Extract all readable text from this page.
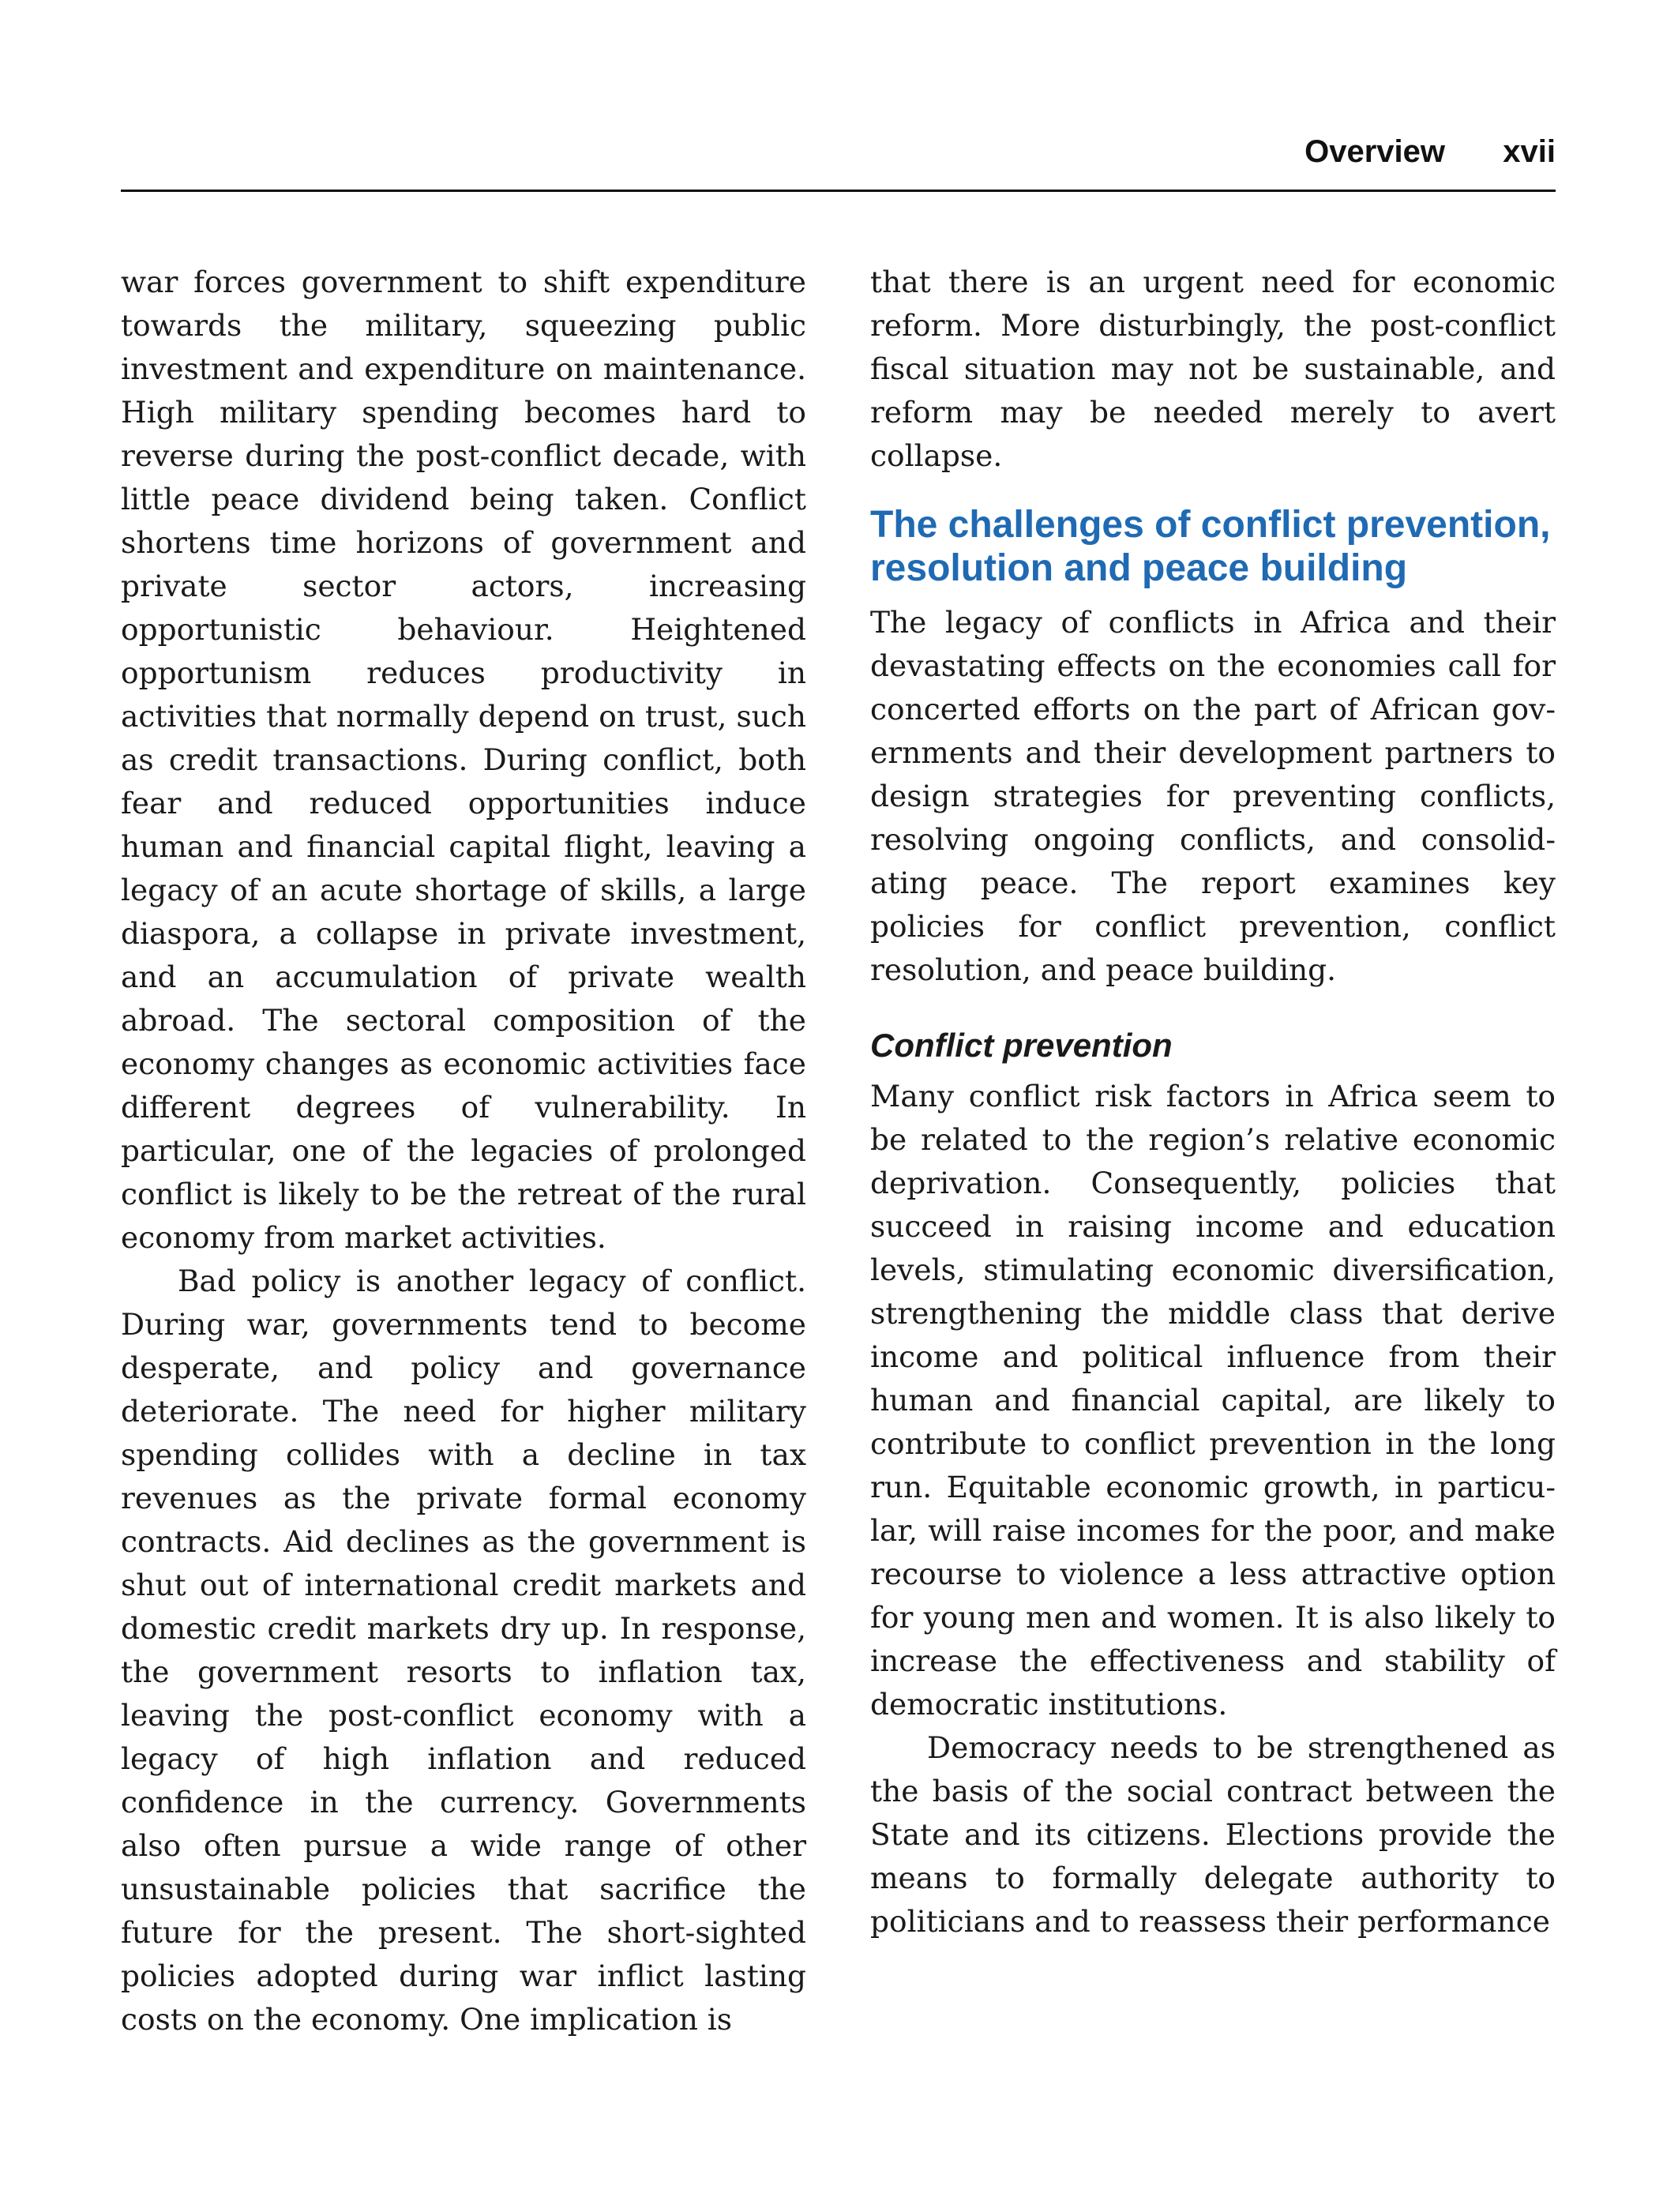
Overview xvii

war forces government to shift expenditure towards the military, squeezing public investment and expenditure on maintenance. High military spending becomes hard to reverse during the post-conflict decade, with little peace dividend being taken. Conflict shortens time horizons of government and private sector actors, increasing opportunistic behaviour. Heightened opportunism reduces productivity in activities that normally depend on trust, such as credit transactions. During conflict, both fear and reduced opportunities induce human and financial capital flight, leaving a legacy of an acute shortage of skills, a large diaspora, a collapse in private investment, and an accumulation of private wealth abroad. The sectoral composition of the economy changes as economic activities face different degrees of vulnerability. In particular, one of the legacies of prolonged conflict is likely to be the retreat of the rural economy from market activities.

Bad policy is another legacy of conflict. During war, governments tend to become desperate, and policy and governance deteriorate. The need for higher military spending collides with a decline in tax revenues as the private formal economy contracts. Aid declines as the government is shut out of international credit markets and domestic credit markets dry up. In response, the government resorts to inflation tax, leaving the post-conflict economy with a legacy of high inflation and reduced confidence in the currency. Governments also often pursue a wide range of other unsustainable policies that sacrifice the future for the present. The short-sighted policies adopted during war inflict lasting costs on the economy. One implication is

that there is an urgent need for economic reform. More disturbingly, the post-conflict fiscal situation may not be sustainable, and reform may be needed merely to avert collapse.

The challenges of conflict prevention, resolution and peace building

The legacy of conflicts in Africa and their devastating effects on the economies call for concerted efforts on the part of African gov-ernments and their development partners to design strategies for preventing conflicts, resolving ongoing conflicts, and consolid-ating peace. The report examines key policies for conflict prevention, conflict resolution, and peace building.

Conflict prevention

Many conflict risk factors in Africa seem to be related to the region’s relative economic deprivation. Consequently, policies that succeed in raising income and education levels, stimulating economic diversification, strengthening the middle class that derive income and political influence from their human and financial capital, are likely to contribute to conflict prevention in the long run. Equitable economic growth, in particu-lar, will raise incomes for the poor, and make recourse to violence a less attractive option for young men and women. It is also likely to increase the effectiveness and stability of democratic institutions.

Democracy needs to be strengthened as the basis of the social contract between the State and its citizens. Elections provide the means to formally delegate authority to politicians and to reassess their performance
